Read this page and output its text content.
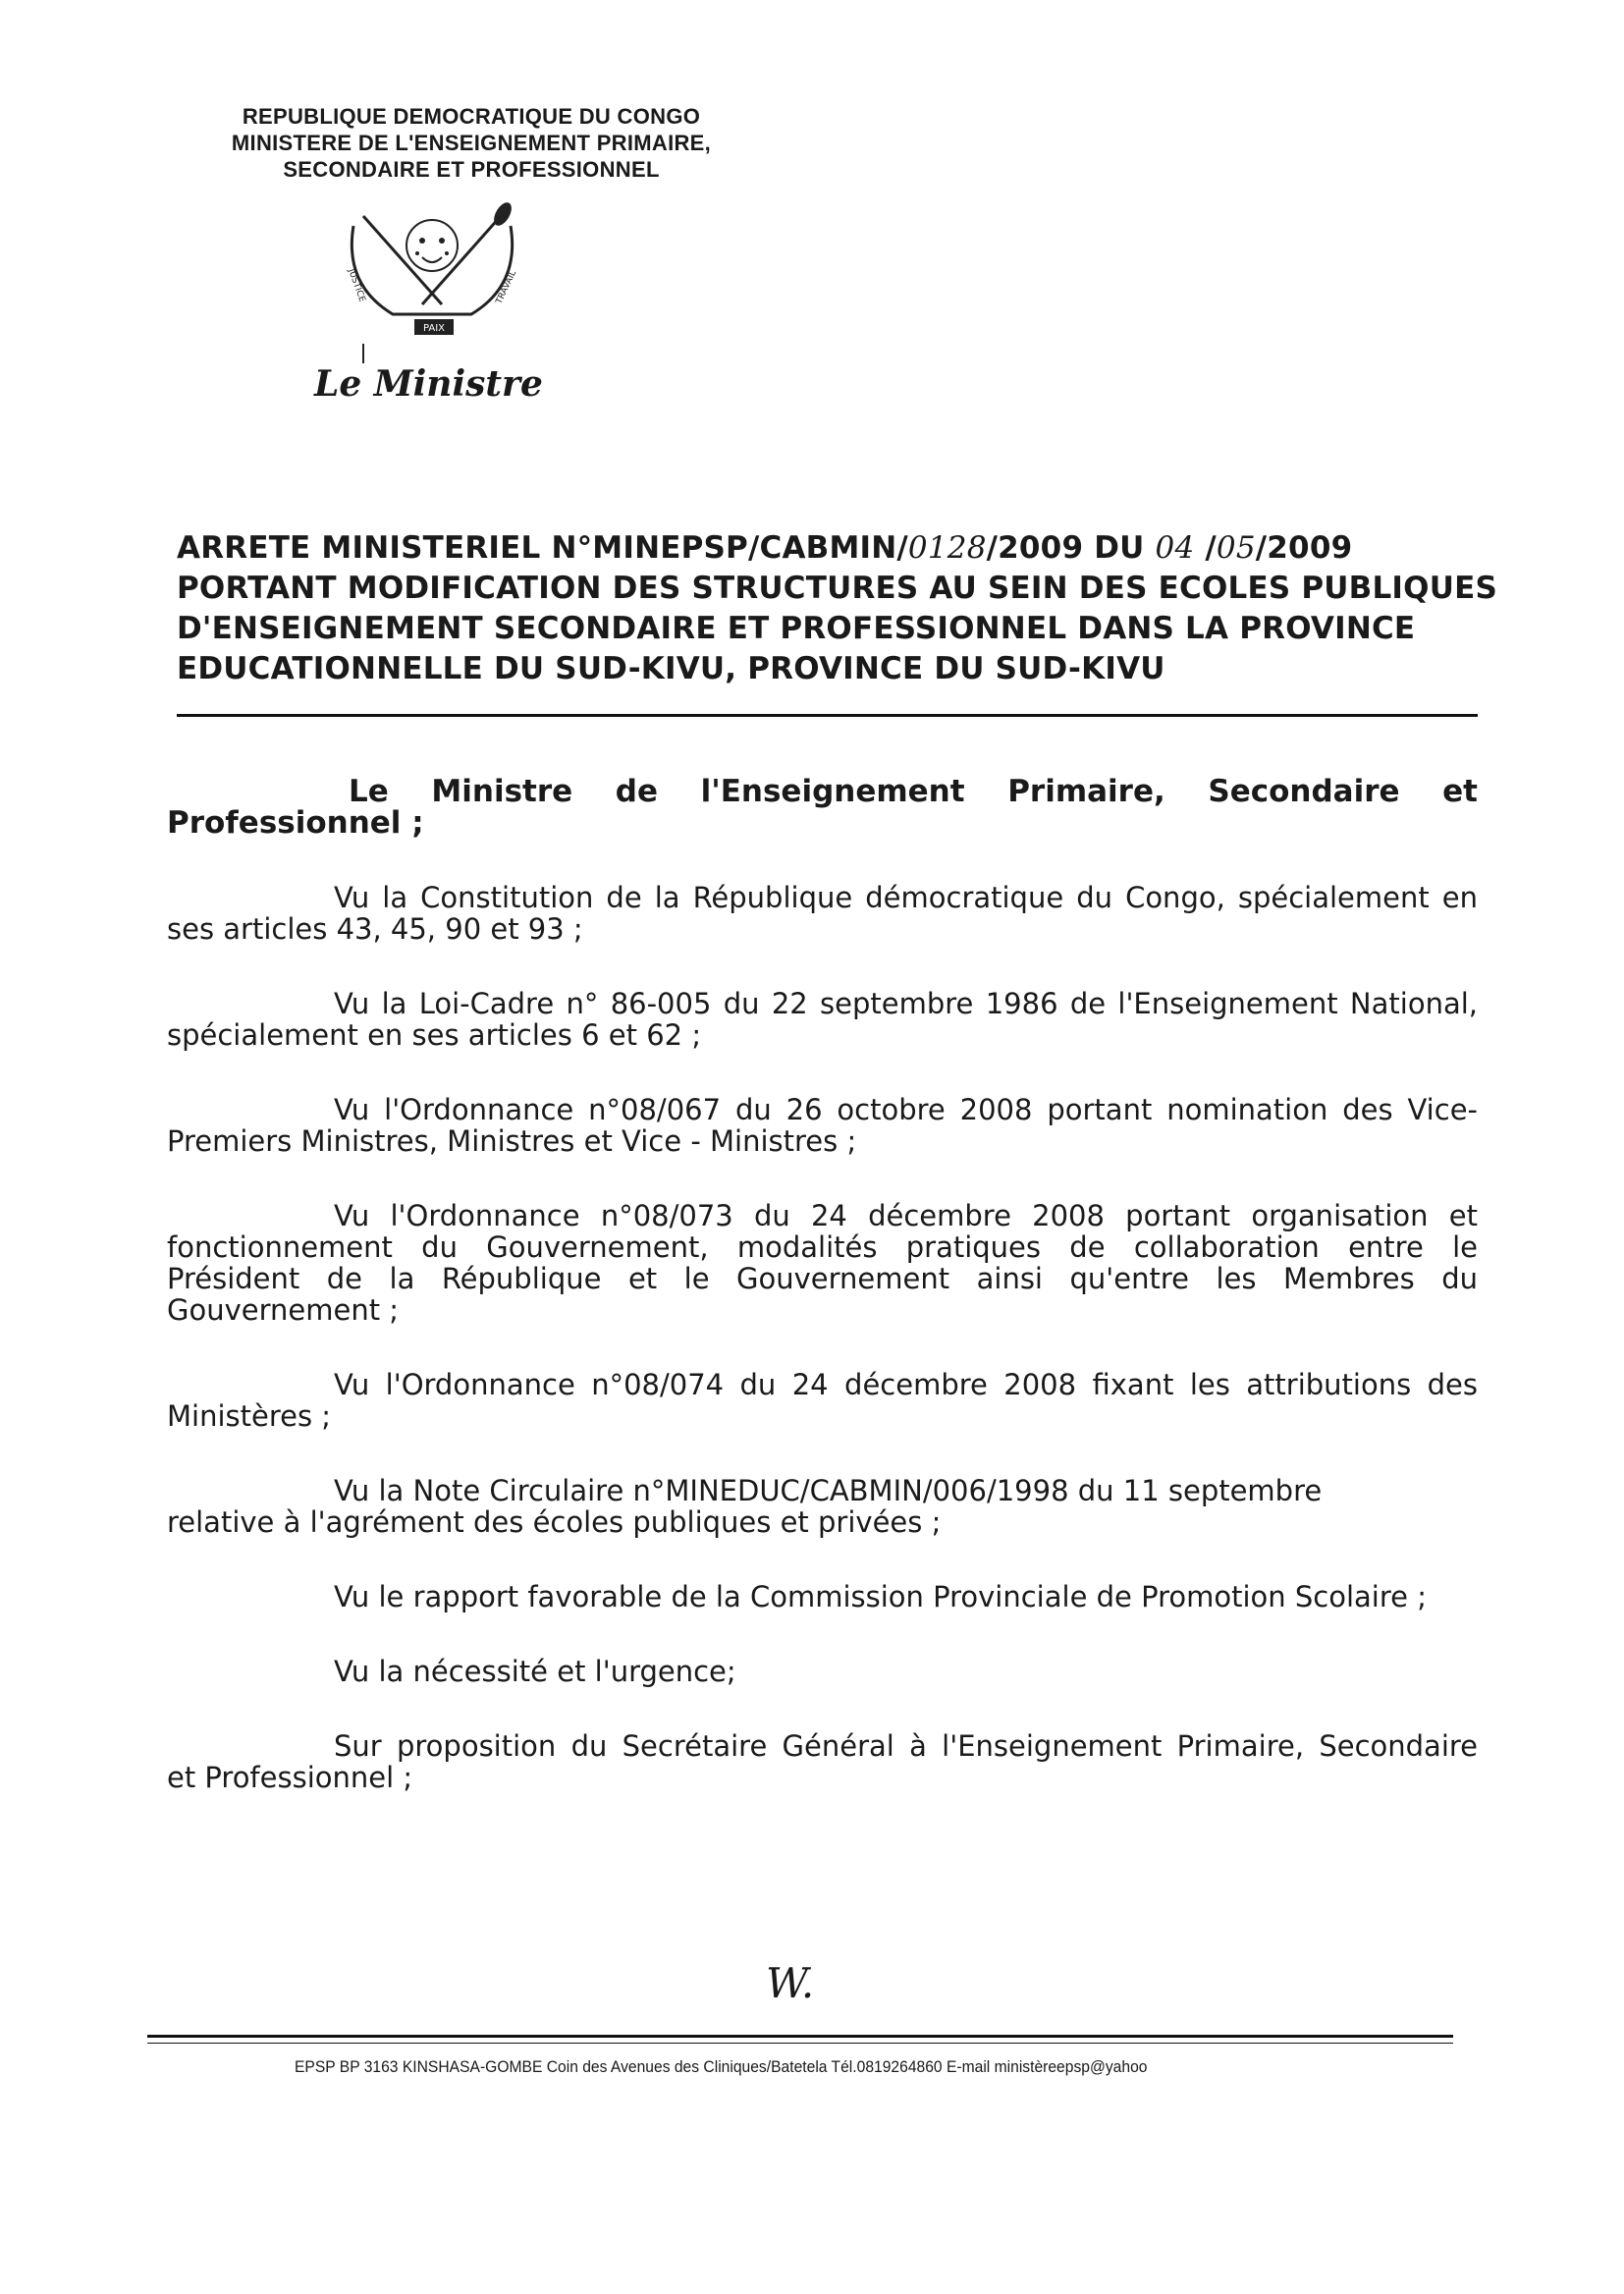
REPUBLIQUE DEMOCRATIQUE DU CONGO
MINISTERE DE L'ENSEIGNEMENT PRIMAIRE,
SECONDAIRE ET PROFESSIONNEL
PAIX
JUSTICE	TRAVAIL
Le Ministre
ARRETE MINISTERIEL N°MINEPSP/CABMIN/0128/2009 DU 04 /05/2009
PORTANT MODIFICATION DES STRUCTURES AU SEIN DES ECOLES PUBLIQUES
D'ENSEIGNEMENT SECONDAIRE ET PROFESSIONNEL DANS LA PROVINCE
EDUCATIONNELLE DU SUD-KIVU, PROVINCE DU SUD-KIVU
Le Ministre de l'Enseignement Primaire, Secondaire et
Professionnel ;
Vu la Constitution de la République démocratique du Congo, spécialement en
ses articles 43, 45, 90 et 93 ;
Vu la Loi-Cadre n° 86-005 du 22 septembre 1986 de l'Enseignement National,
spécialement en ses articles 6 et 62 ;
Vu l'Ordonnance n°08/067 du 26 octobre 2008 portant nomination des Vice-
Premiers Ministres, Ministres et Vice - Ministres ;
Vu l'Ordonnance n°08/073 du 24 décembre 2008 portant organisation et
fonctionnement du Gouvernement, modalités pratiques de collaboration entre le
Président de la République et le Gouvernement ainsi qu'entre les Membres du
Gouvernement ;
Vu l'Ordonnance n°08/074 du 24 décembre 2008 fixant les attributions des
Ministères ;
Vu la Note Circulaire n°MINEDUC/CABMIN/006/1998 du 11 septembre
relative à l'agrément des écoles publiques et privées ;
Vu le rapport favorable de la Commission Provinciale de Promotion Scolaire ;
Vu la nécessité et l'urgence;
Sur proposition du Secrétaire Général à l'Enseignement Primaire, Secondaire
et Professionnel ;
W.
EPSP BP 3163 KINSHASA-GOMBE Coin des Avenues des Cliniques/Batetela Tél.0819264860 E-mail ministèreepsp@yahoo
